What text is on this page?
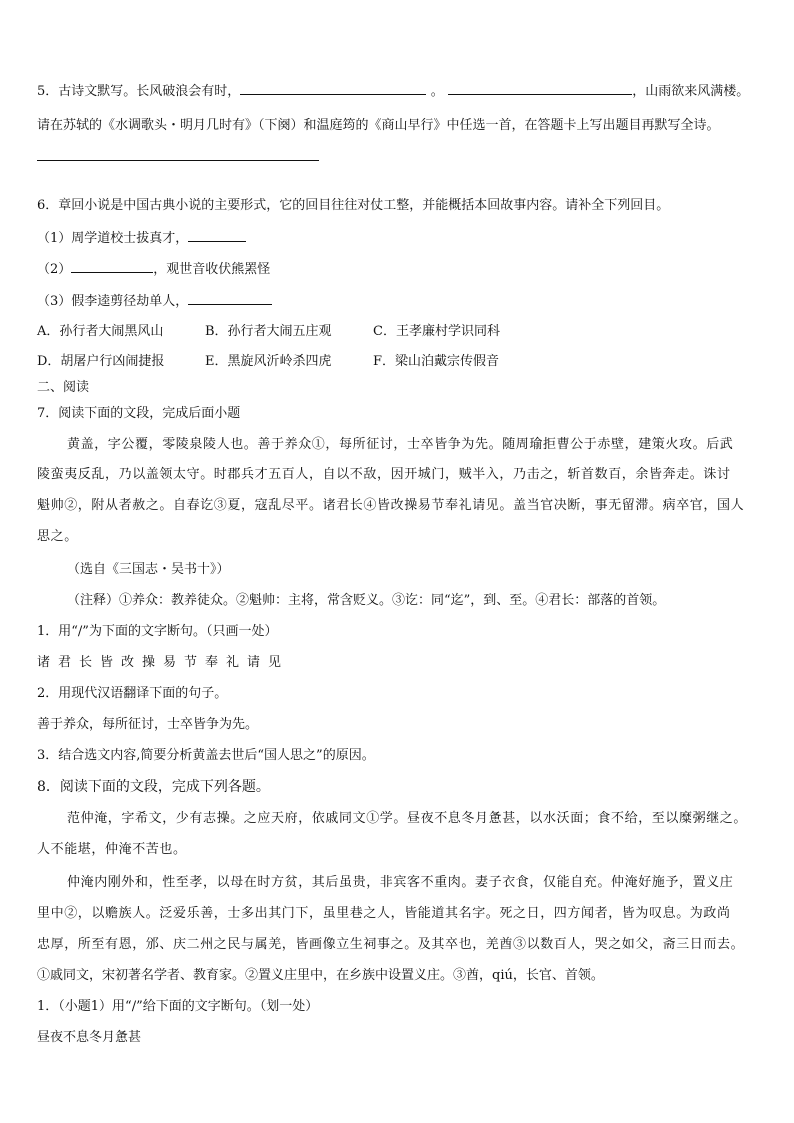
5．古诗文默写。长风破浪会有时，	。	，山雨欲来风满楼。
请在苏轼的《水调歌头・明月几时有》（下阕）和温庭筠的《商山早行》中任选一首，在答题卡上写出题目再默写全诗。
6．章回小说是中国古典小说的主要形式，它的回目往往对仗工整，并能概括本回故事内容。请补全下列回目。
（1）周学道校士拔真才，
（2）	，观世音收伏熊罴怪
（3）假李逵剪径劫单人，
A．孙行者大闹黑风山	B．孙行者大闹五庄观	C．王孝廉村学识同科
D．胡屠户行凶闹捷报	E．黑旋风沂岭杀四虎	F．梁山泊戴宗传假音
二、阅读
7．阅读下面的文段，完成后面小题
黄盖，字公覆，零陵泉陵人也。善于养众①，每所征讨，士卒皆争为先。随周瑜拒曹公于赤壁，建策火攻。后武
陵蛮夷反乱，乃以盖领太守。时郡兵才五百人，自以不敌，因开城门，贼半入，乃击之，斩首数百，余皆奔走。诛讨
魁帅②，附从者赦之。自春讫③夏，寇乱尽平。诸君长④皆改操易节奉礼请见。盖当官决断，事无留滞。病卒官，国人
思之。
（选自《三国志・吴书十》）
（注释）①养众：教养徒众。②魁帅：主将，常含贬义。③讫：同“迄”，到、至。④君长：部落的首领。
1．用“/”为下面的文字断句。（只画一处）
诸君长皆改操易节奉礼请见
2．用现代汉语翻译下面的句子。
善于养众，每所征讨，士卒皆争为先。
3．结合选文内容,简要分析黄盖去世后“国人思之”的原因。
8．阅读下面的文段，完成下列各题。
范仲淹，字希文，少有志操。之应天府，依戚同文①学。昼夜不息冬月惫甚，以水沃面；食不给，至以糜粥继之。
人不能堪，仲淹不苦也。
仲淹内刚外和，性至孝，以母在时方贫，其后虽贵，非宾客不重肉。妻子衣食，仅能自充。仲淹好施予，置义庄
里中②，以赡族人。泛爱乐善，士多出其门下，虽里巷之人，皆能道其名字。死之日，四方闻者，皆为叹息。为政尚
忠厚，所至有恩，邠、庆二州之民与属羌，皆画像立生祠事之。及其卒也，羌酋③以数百人，哭之如父，斋三日而去。
①戚同文，宋初著名学者、教育家。②置义庄里中，在乡族中设置义庄。③酋，qiú，长官、首领。
1．（小题1）用“/”给下面的文字断句。（划一处）
昼夜不息冬月惫甚
